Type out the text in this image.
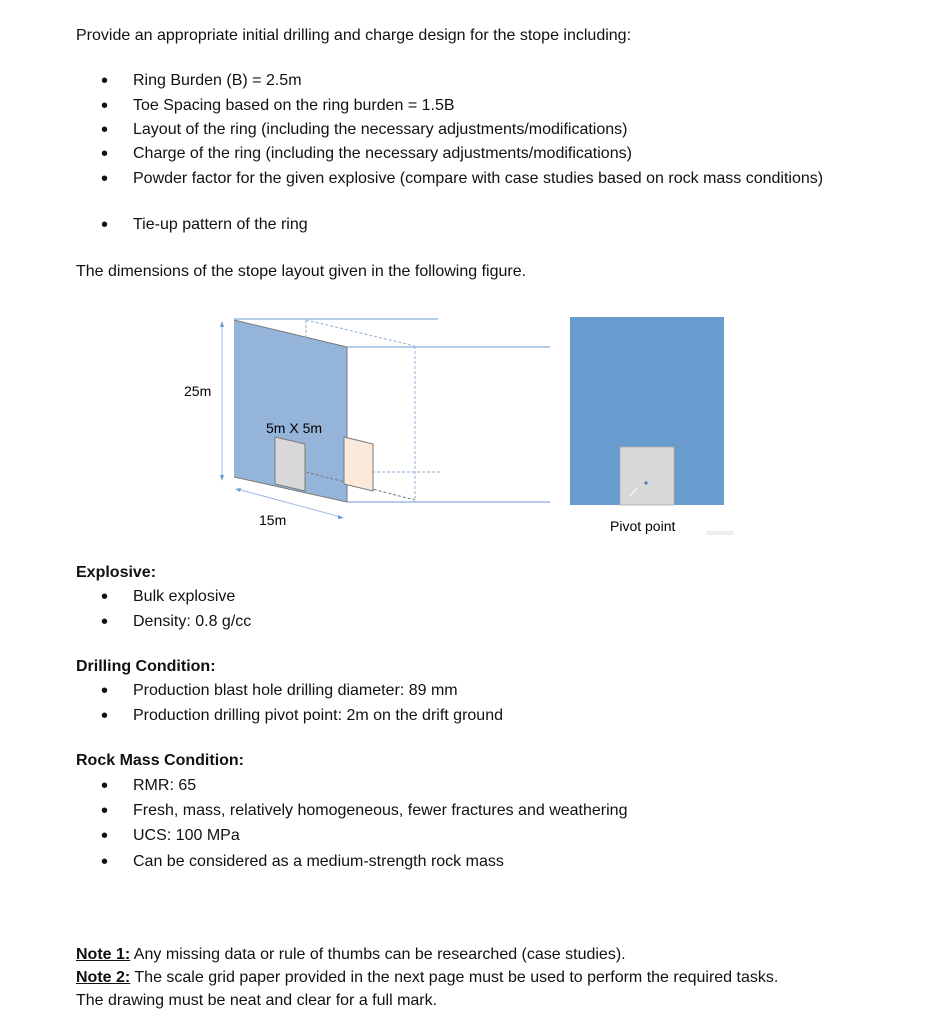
Provide an appropriate initial drilling and charge design for the stope including:
• Ring Burden (B) = 2.5m
• Toe Spacing based on the ring burden = 1.5B
• Layout of the ring (including the necessary adjustments/modifications)
• Charge of the ring (including the necessary adjustments/modifications)
• Powder factor for the given explosive (compare with case studies based on rock mass conditions)
• Tie-up pattern of the ring
The dimensions of the stope layout given in the following figure.
25m
5m X 5m
15m	Pivot point
Explosive:
• Bulk explosive
• Density: 0.8 g/cc
Drilling Condition:
• Production blast hole drilling diameter: 89 mm
• Production drilling pivot point: 2m on the drift ground
Rock Mass Condition:
• RMR: 65
• Fresh, mass, relatively homogeneous, fewer fractures and weathering
• UCS: 100 MPa
• Can be considered as a medium-strength rock mass
Note 1: Any missing data or rule of thumbs can be researched (case studies).
Note 2: The scale grid paper provided in the next page must be used to perform the required tasks.
The drawing must be neat and clear for a full mark.
